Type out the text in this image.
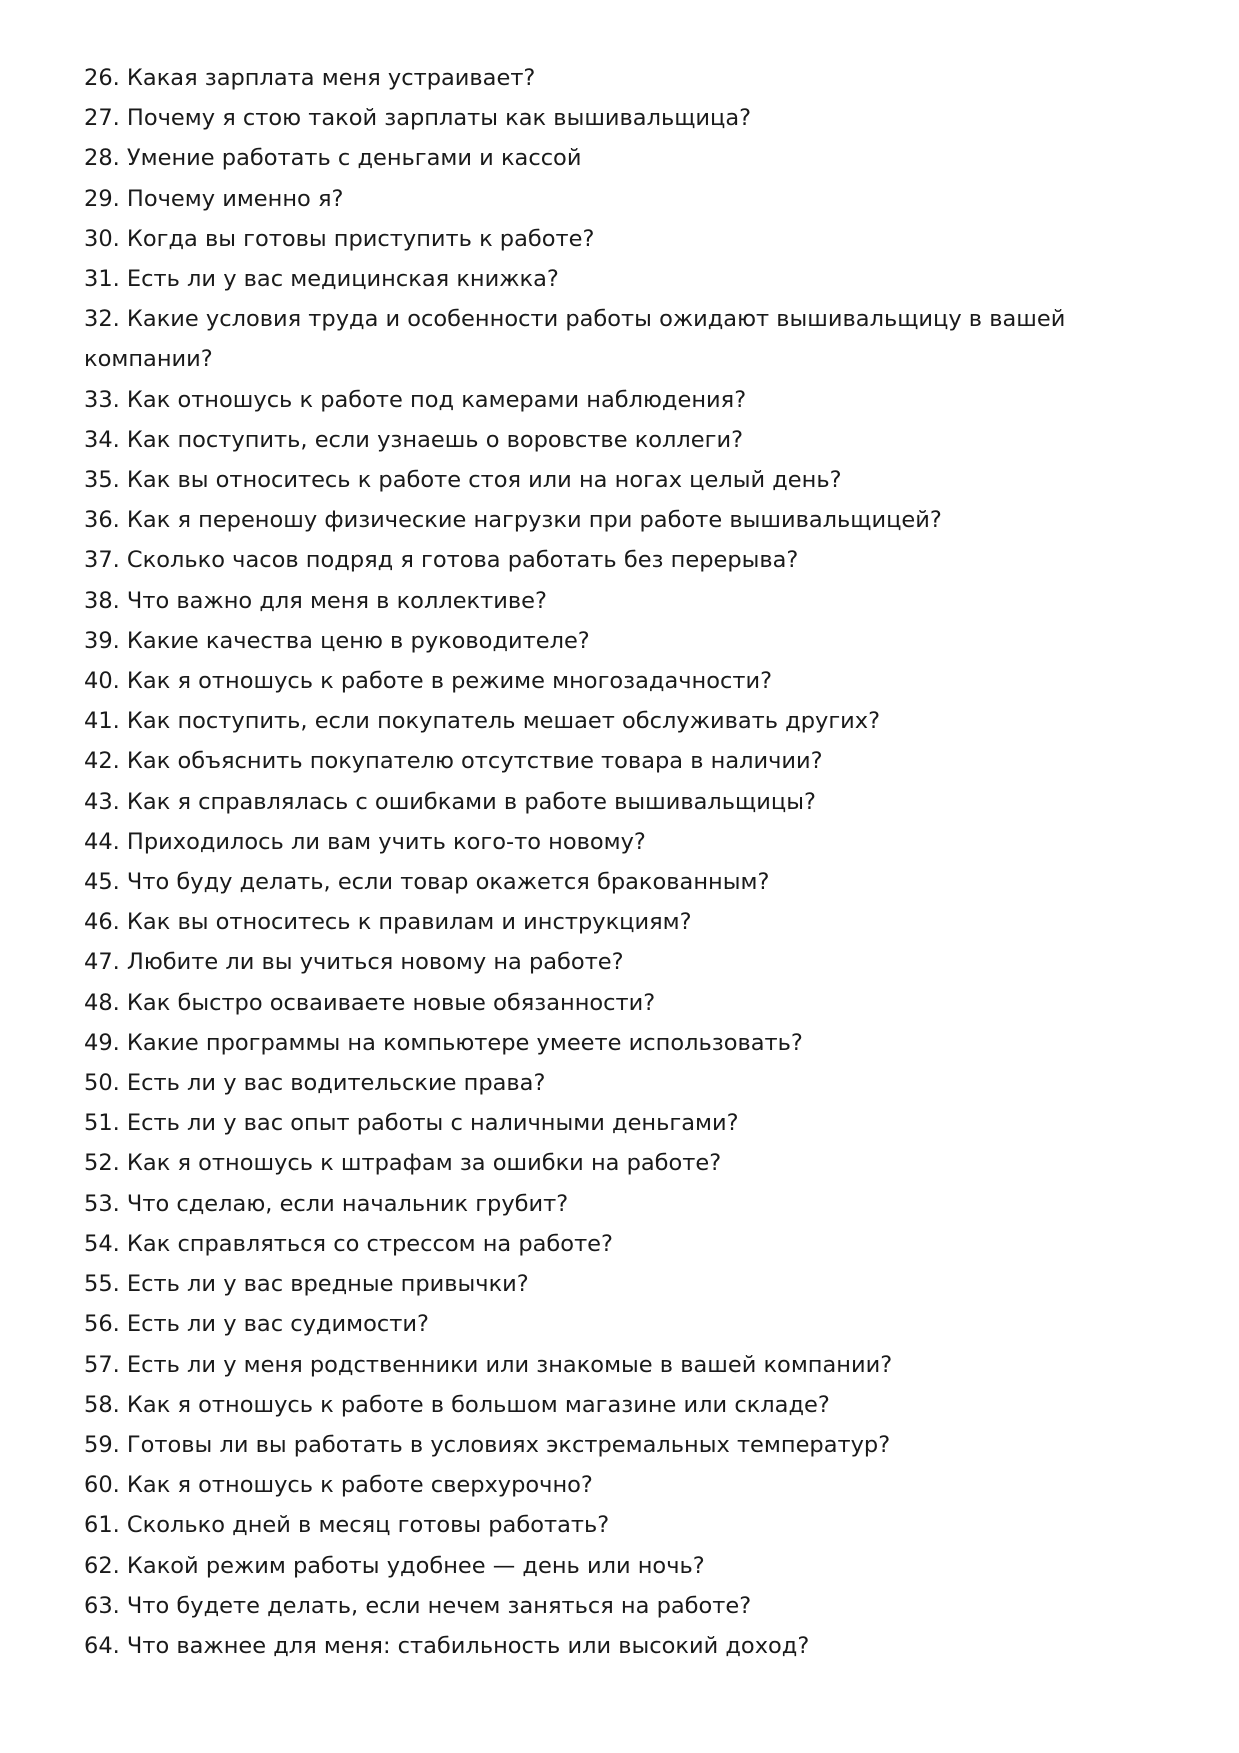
26. Какая зарплата меня устраивает?
27. Почему я стою такой зарплаты как вышивальщица?
28. Умение работать с деньгами и кассой
29. Почему именно я?
30. Когда вы готовы приступить к работе?
31. Есть ли у вас медицинская книжка?
32. Какие условия труда и особенности работы ожидают вышивальщицу в вашей компании?
33. Как отношусь к работе под камерами наблюдения?
34. Как поступить, если узнаешь о воровстве коллеги?
35. Как вы относитесь к работе стоя или на ногах целый день?
36. Как я переношу физические нагрузки при работе вышивальщицей?
37. Сколько часов подряд я готова работать без перерыва?
38. Что важно для меня в коллективе?
39. Какие качества ценю в руководителе?
40. Как я отношусь к работе в режиме многозадачности?
41. Как поступить, если покупатель мешает обслуживать других?
42. Как объяснить покупателю отсутствие товара в наличии?
43. Как я справлялась с ошибками в работе вышивальщицы?
44. Приходилось ли вам учить кого-то новому?
45. Что буду делать, если товар окажется бракованным?
46. Как вы относитесь к правилам и инструкциям?
47. Любите ли вы учиться новому на работе?
48. Как быстро осваиваете новые обязанности?
49. Какие программы на компьютере умеете использовать?
50. Есть ли у вас водительские права?
51. Есть ли у вас опыт работы с наличными деньгами?
52. Как я отношусь к штрафам за ошибки на работе?
53. Что сделаю, если начальник грубит?
54. Как справляться со стрессом на работе?
55. Есть ли у вас вредные привычки?
56. Есть ли у вас судимости?
57. Есть ли у меня родственники или знакомые в вашей компании?
58. Как я отношусь к работе в большом магазине или складе?
59. Готовы ли вы работать в условиях экстремальных температур?
60. Как я отношусь к работе сверхурочно?
61. Сколько дней в месяц готовы работать?
62. Какой режим работы удобнее — день или ночь?
63. Что будете делать, если нечем заняться на работе?
64. Что важнее для меня: стабильность или высокий доход?
